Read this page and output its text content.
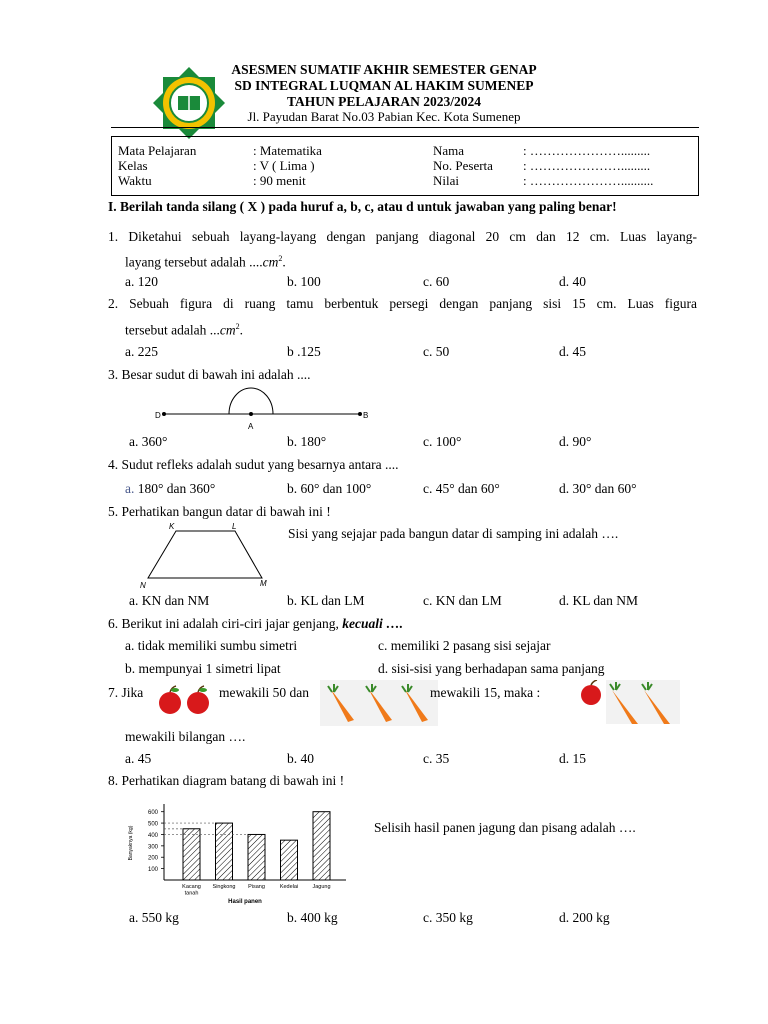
ASESMEN SUMATIF AKHIR SEMESTER GENAP
SD INTEGRAL LUQMAN AL HAKIM SUMENEP
TAHUN PELAJARAN 2023/2024
Jl. Payudan Barat No.03 Pabian Kec. Kota Sumenep
Mata Pelajaran	: Matematika
Kelas	: V ( Lima )
Waktu	: 90 menit
Nama	: ………………….........
No. Peserta : ………………….........
Nilai	: …………………..........
I. Berilah tanda silang ( X ) pada huruf a, b, c, atau d untuk jawaban yang paling benar!
1. Diketahui sebuah layang-layang dengan panjang diagonal 20 cm dan 12 cm. Luas layang-
layang tersebut adalah $....cm^2$.
a. 120	b. 100	c. 60	d. 40
2. Sebuah figura di ruang tamu berbentuk persegi dengan panjang sisi 15 cm. Luas figura
tersebut adalah $...cm^2$.
a. 225	b .125	c. 50	d. 45
3. Besar sudut di bawah ini adalah ....
D
A
B
a. 360°	b. 180°	c. 100°	d. 90°
4. Sudut refleks adalah sudut yang besarnya antara ....
a. 180° dan 360°	b. 60° dan 100°	c. 45° dan 60°	d. 30° dan 60°
5. Perhatikan bangun datar di bawah ini !
K	L
N	M
Sisi yang sejajar pada bangun datar di samping ini adalah ….
a. KN dan NM	b. KL dan LM	c. KN dan LM	d. KL dan NM
6. Berikut ini adalah ciri-ciri jajar genjang, kecuali ….
a. tidak memiliki sumbu simetri	c. memiliki 2 pasang sisi sejajar
b. mempunyai 1 simetri lipat	d. sisi-sisi yang berhadapan sama panjang
7. Jika	mewakili 50 dan	mewakili 15, maka :
mewakili bilangan ….
a. 45	b. 40	c. 35	d. 15
8. Perhatikan diagram batang di bawah ini !
100
200
300
400
500
600
Banyaknya (kg)
Kacang
tanah
Singkong Pisang	Kedelai	Jagung
Hasil panen
Selisih hasil panen jagung dan pisang adalah ….
a. 550 kg	b. 400 kg	c. 350 kg	d. 200 kg
